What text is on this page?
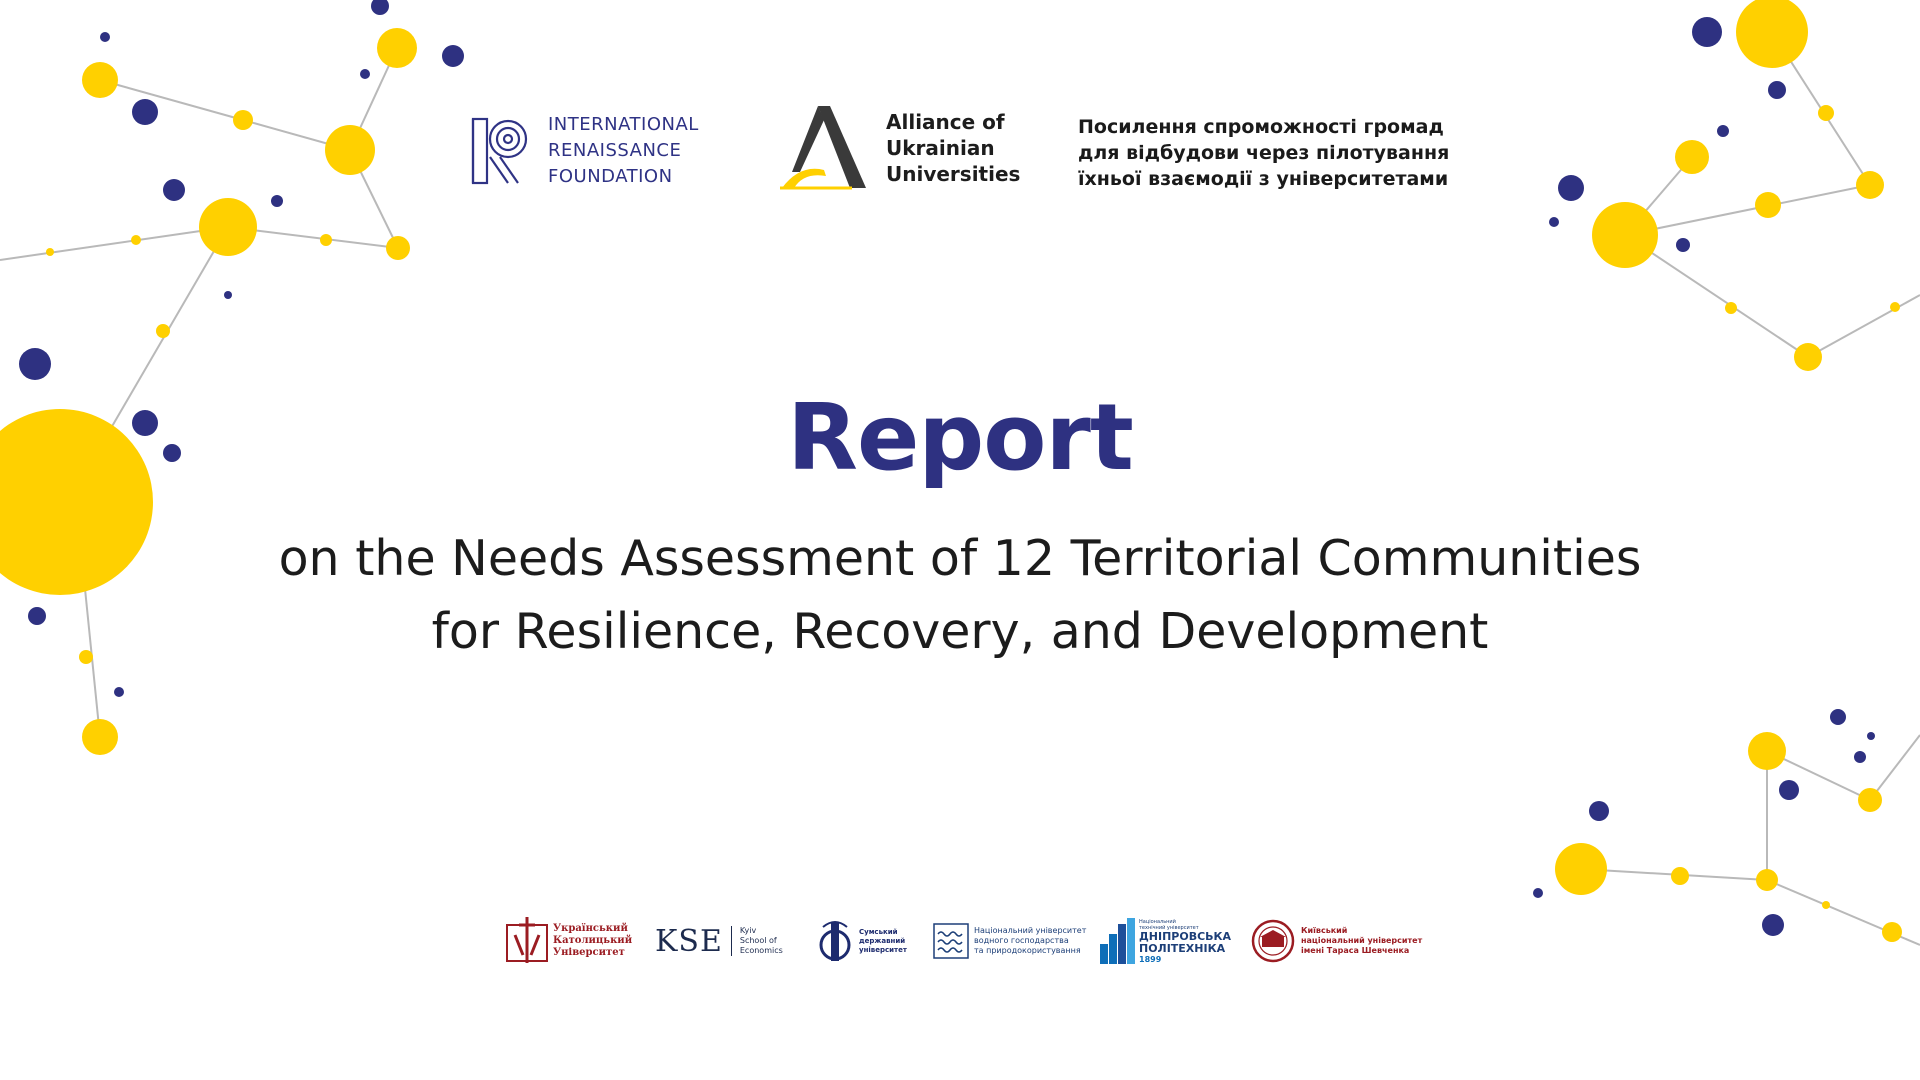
INTERNATIONAL
RENAISSANCE
FOUNDATION
Alliance of
Ukrainian
Universities
Посилення спроможності громад
для відбудови через пілотування
їхньої взаємодії з університетами
Report
on the Needs Assessment of 12 Territorial Communities
for Resilience, Recovery, and Development
Український
Католицький
Університет KSE Kyiv
School of
Economics
Сумський
державний
університет
Національний університет
водного господарства
та природокористування
Національний
технічний університет
ДНІПРОВСЬКА
ПОЛІТЕХНІКА
1899
Київський
національний університет
імені Тараса Шевченка
